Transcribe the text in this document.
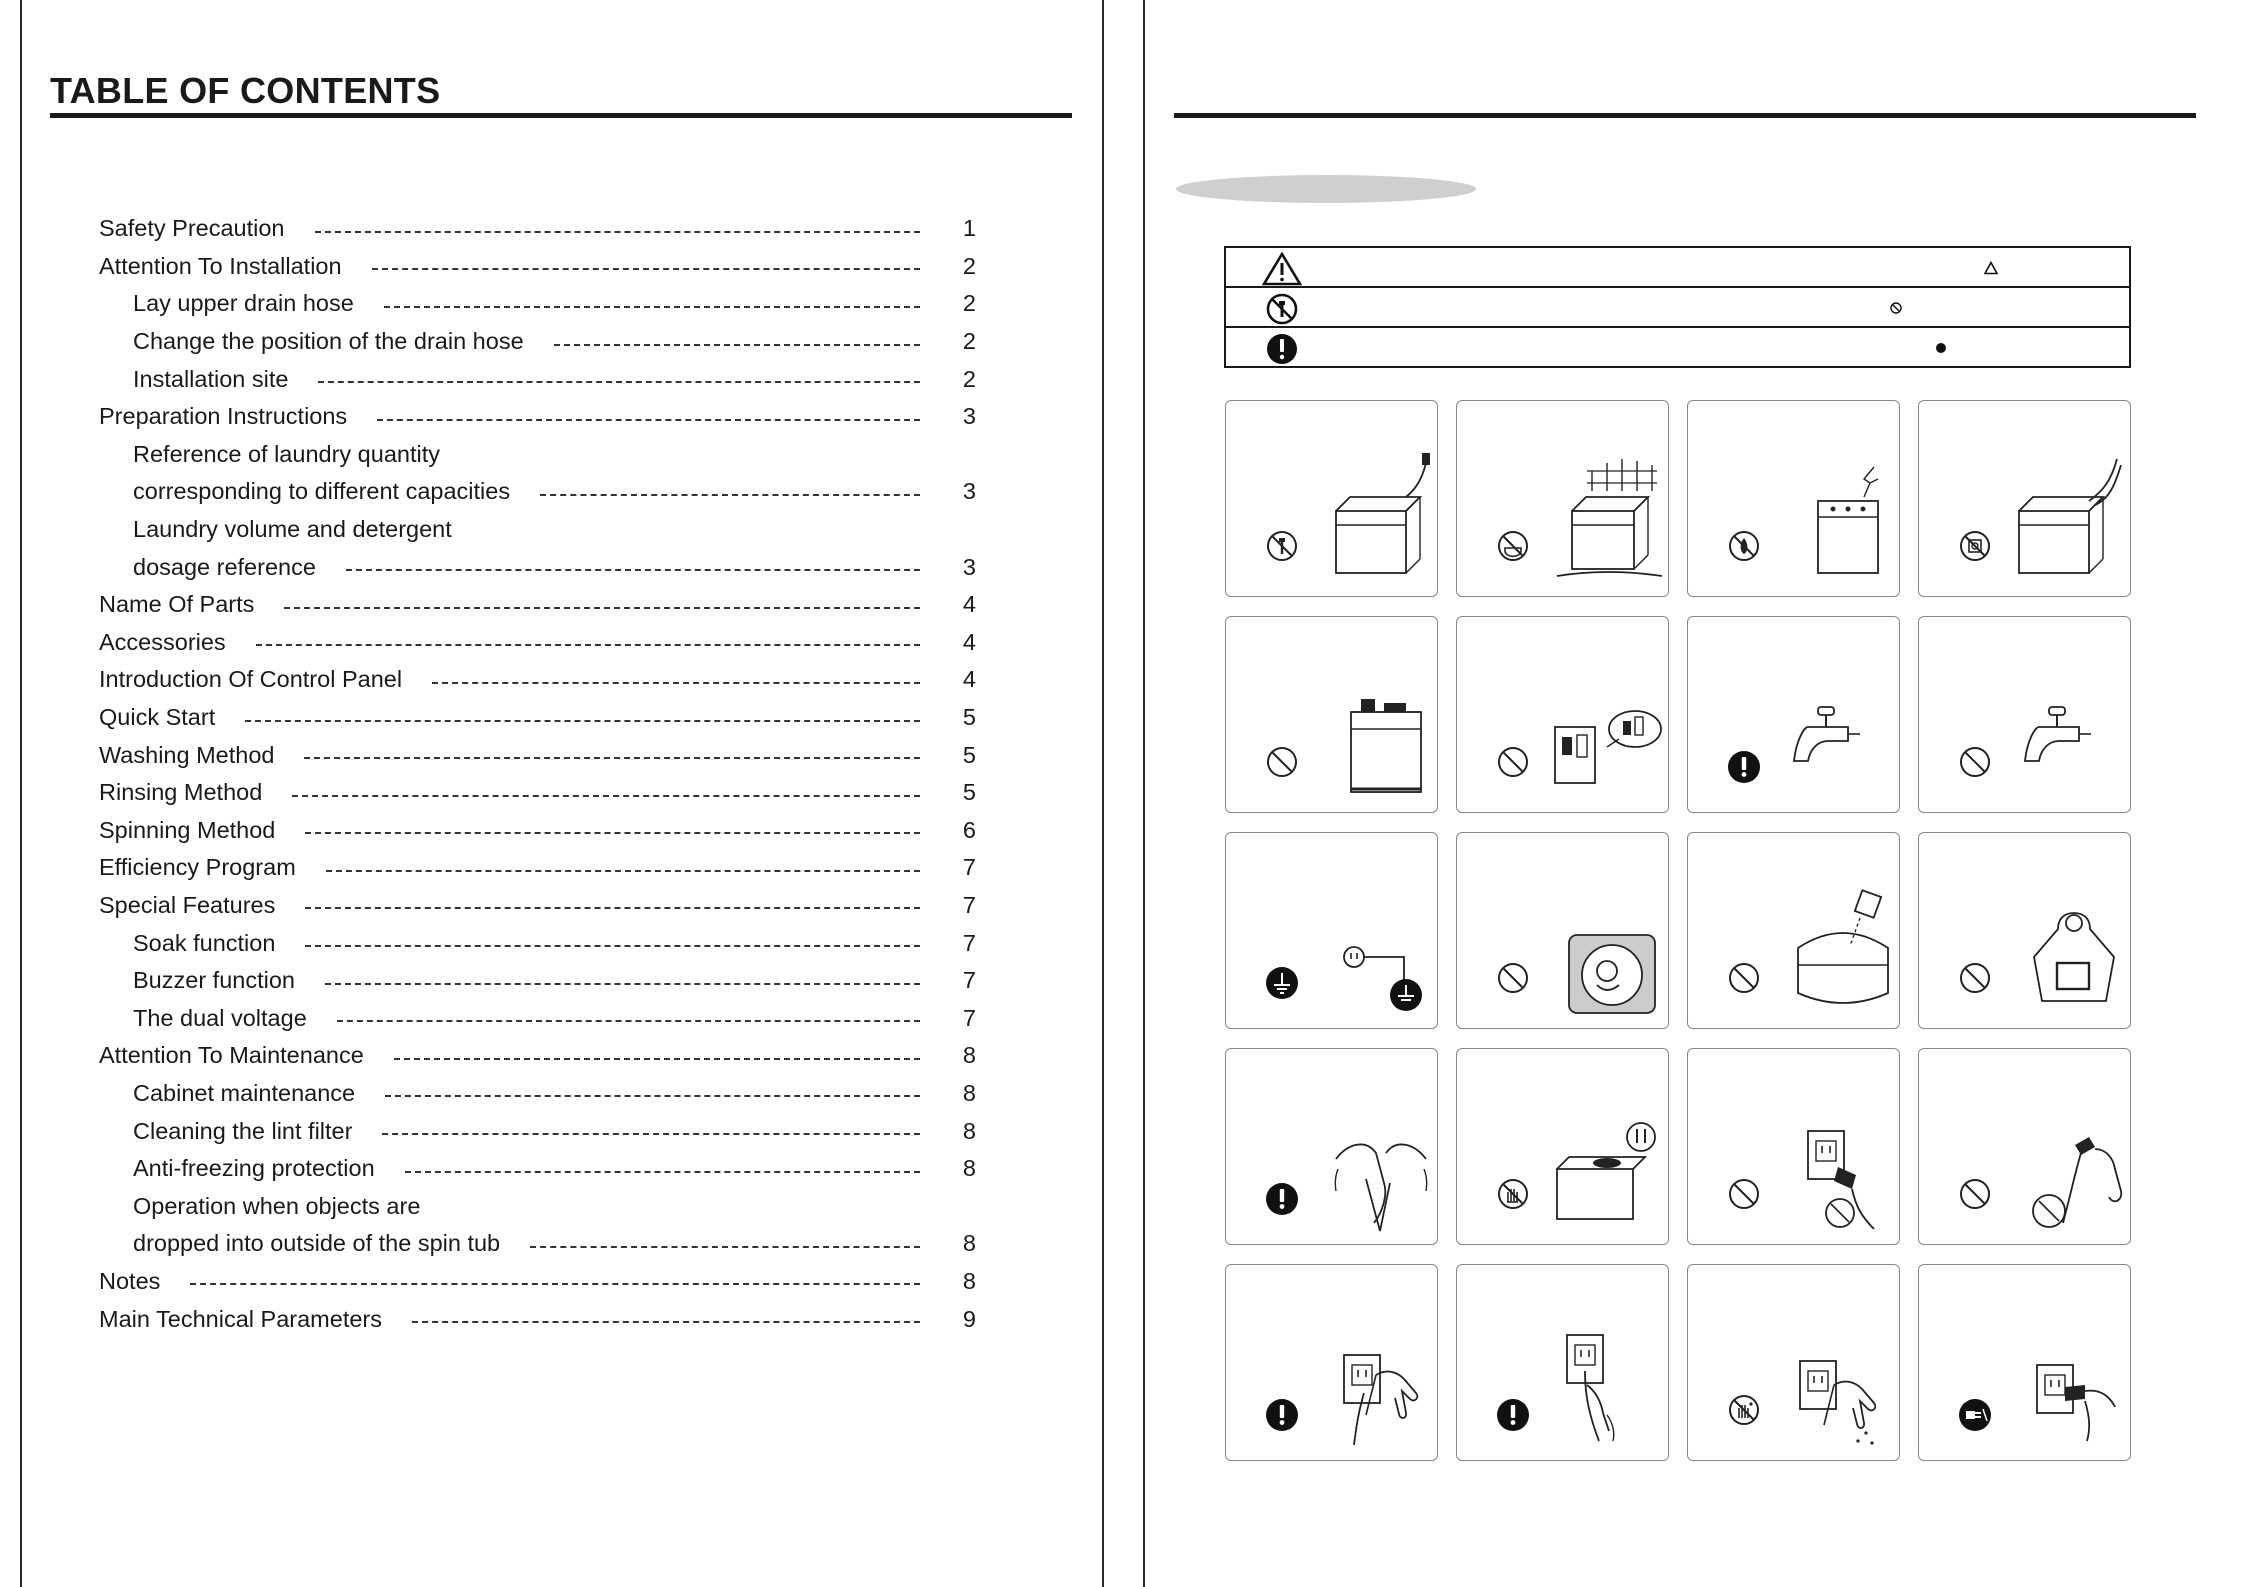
TABLE OF CONTENTS
Safety Precaution	1
Attention To Installation	2
Lay upper drain hose	2
Change the position of the drain hose	2
Installation site	2
Preparation Instructions	3
Reference of laundry quantity
corresponding to different capacities	3
Laundry volume and detergent
dosage reference	3
Name Of Parts	4
Accessories	4
Introduction Of Control Panel	4
Quick Start	5
Washing Method	5
Rinsing Method	5
Spinning Method	6
Efficiency Program	7
Special Features	7
Soak function	7
Buzzer function	7
The dual voltage	7
Attention To Maintenance	8
Cabinet maintenance	8
Cleaning the lint filter	8
Anti-freezing protection	8
Operation when objects are
dropped into outside of the spin tub	8
Notes	8
Main Technical Parameters	9
